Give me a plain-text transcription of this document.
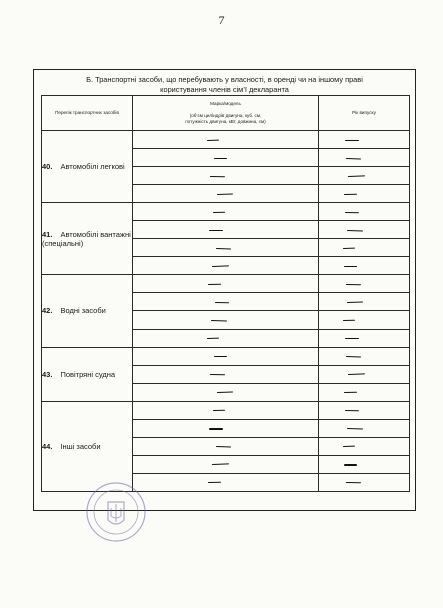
7
Б. Транспортні засоби, що перебувають у власності, в оренді чи на іншому праві
користування членів сім’ї декларанта
Перелік транспортних засобів	Марка/модель

(об’єм циліндрів двигуна, куб. см,
потужність двигуна, кВт, довжина, см)	Рік випуску
40. Автомобілі легкові	

41. Автомобілі вантажні (спеціальні)	

42. Водні засоби	

43. Повітряні судна	

44. Інші засоби	
